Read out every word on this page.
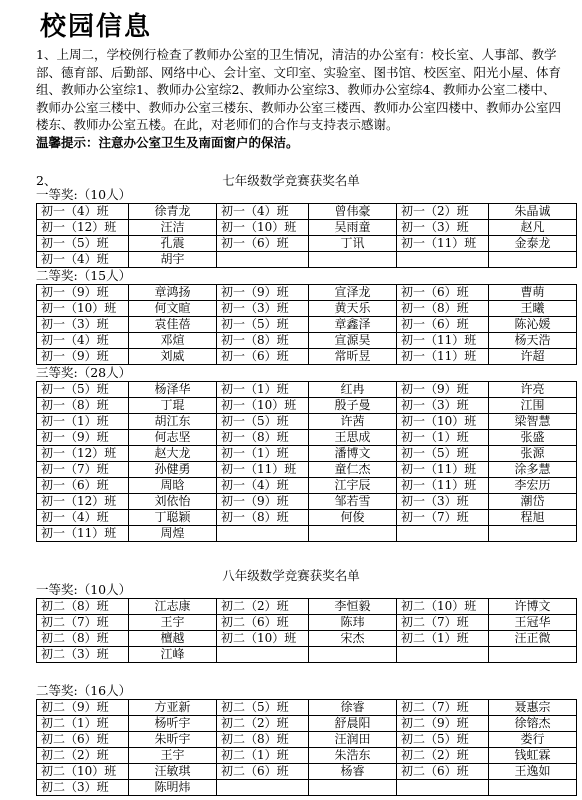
校园信息
1、上周二，学校例行检查了教师办公室的卫生情况，清洁的办公室有：校长室、人事部、教学部、德育部、后勤部、网络中心、会计室、文印室、实验室、图书馆、校医室、阳光小屋、体育组、教师办公室综1、教师办公室综2、教师办公室综3、教师办公室综4、教师办公室二楼中、教师办公室三楼中、教师办公室三楼东、教师办公室三楼西、教师办公室四楼中、教师办公室四楼东、教师办公室五楼。在此，对老师们的合作与支持表示感谢。
温馨提示：注意办公室卫生及南面窗户的保洁。
2、	七年级数学竞赛获奖名单
一等奖:（10人）
初一（4）班	徐青龙	初一（4）班	曾伟豪	初一（2）班	朱晶诚
初一（12）班	汪洁	初一（10）班	吴雨童	初一（3）班	赵凡
初一（5）班	孔震	初一（6）班	丁讯	初一（11）班	金泰龙
初一（4）班	胡宇				
二等奖:（15人）
初一（9）班	章鸿扬	初一（9）班	宣泽龙	初一（6）班	曹萌
初一（10）班	何文暄	初一（3）班	黄天乐	初一（8）班	王曦
初一（3）班	袁佳蓓	初一（5）班	章鑫泽	初一（6）班	陈沁媛
初一（4）班	邓煊	初一（8）班	宣源昊	初一（11）班	杨天浩
初一（9）班	刘威	初一（6）班	常昕昱	初一（11）班	许超
三等奖:（28人）
初一（5）班	杨泽华	初一（1）班	红冉	初一（9）班	许亮
初一（8）班	丁琨	初一（10）班	殷子曼	初一（3）班	江围
初一（1）班	胡江东	初一（5）班	许茜	初一（10）班	梁智慧
初一（9）班	何志坚	初一（8）班	王思成	初一（1）班	张盛
初一（12）班	赵大龙	初一（1）班	潘博文	初一（5）班	张源
初一（7）班	孙健勇	初一（11）班	童仁杰	初一（11）班	涂多慧
初一（6）班	周晗	初一（4）班	江宇辰	初一（11）班	李宏历
初一（12）班	刘依怡	初一（9）班	邹若雪	初一（3）班	潮岱
初一（4）班	丁聪颖	初一（8）班	何俊	初一（7）班	程旭
初一（11）班	周煌				
八年级数学竞赛获奖名单
一等奖:（10人）
初二（8）班	江志康	初二（2）班	李恒毅	初二（10）班	许博文
初二（7）班	王宇	初二（6）班	陈玮	初二（7）班	王冠华
初二（8）班	檀越	初二（10）班	宋杰	初二（1）班	汪正微
初二（3）班	江峰				
二等奖:（16人）
初二（9）班	方亚新	初二（5）班	徐睿	初二（7）班	聂惠宗
初二（1）班	杨听宇	初二（2）班	舒晨阳	初二（9）班	徐镕杰
初二（6）班	朱昕宇	初二（8）班	汪润田	初二（5）班	娄行
初二（2）班	王宇	初二（1）班	朱浩东	初二（2）班	钱虹霖
初二（10）班	汪敏琪	初二（6）班	杨睿	初二（6）班	王逸如
初二（3）班	陈明炜				
